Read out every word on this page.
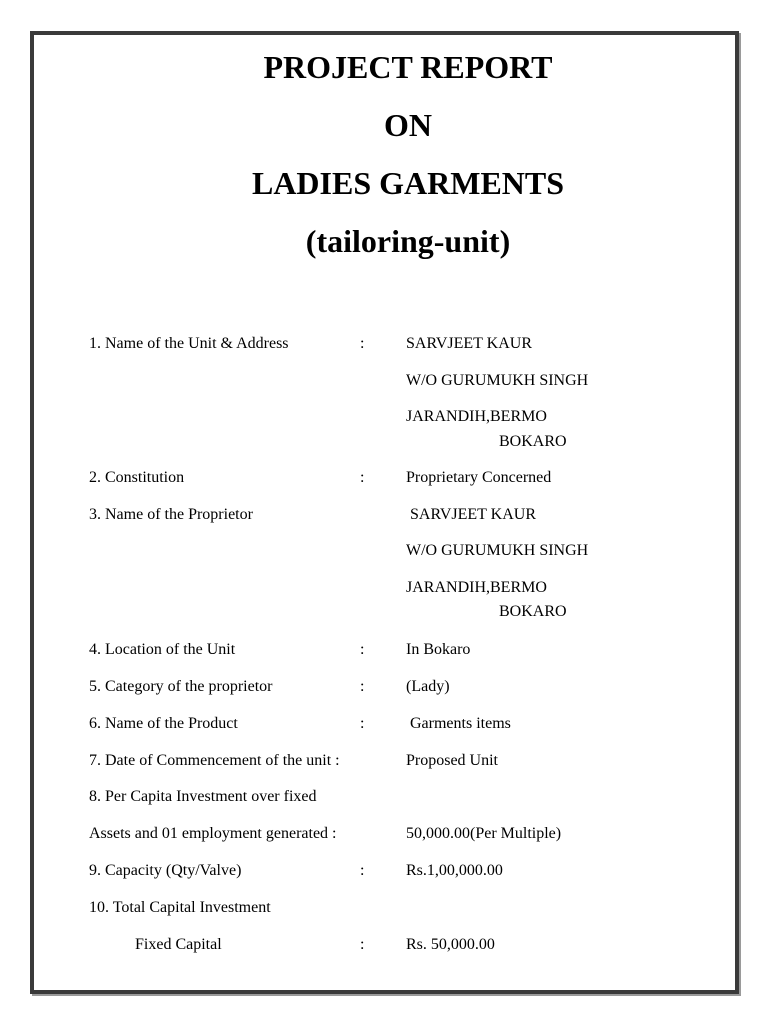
PROJECT REPORT
ON
LADIES GARMENTS
(tailoring-unit)
1. Name of the Unit & Address	:	SARVJEET KAUR
W/O GURUMUKH SINGH
JARANDIH,BERMO
BOKARO
2. Constitution	:	Proprietary Concerned
3. Name of the Proprietor	SARVJEET KAUR
W/O GURUMUKH SINGH
JARANDIH,BERMO
BOKARO
4. Location of the Unit	:	In Bokaro
5. Category of the proprietor	:	(Lady)
6. Name of the Product	:	Garments items
7. Date of Commencement of the unit :	Proposed Unit
8. Per Capita Investment over fixed
Assets and 01 employment generated :	50,000.00(Per Multiple)
9. Capacity (Qty/Valve)	:	Rs.1,00,000.00
10. Total Capital Investment
Fixed Capital	:	Rs. 50,000.00
